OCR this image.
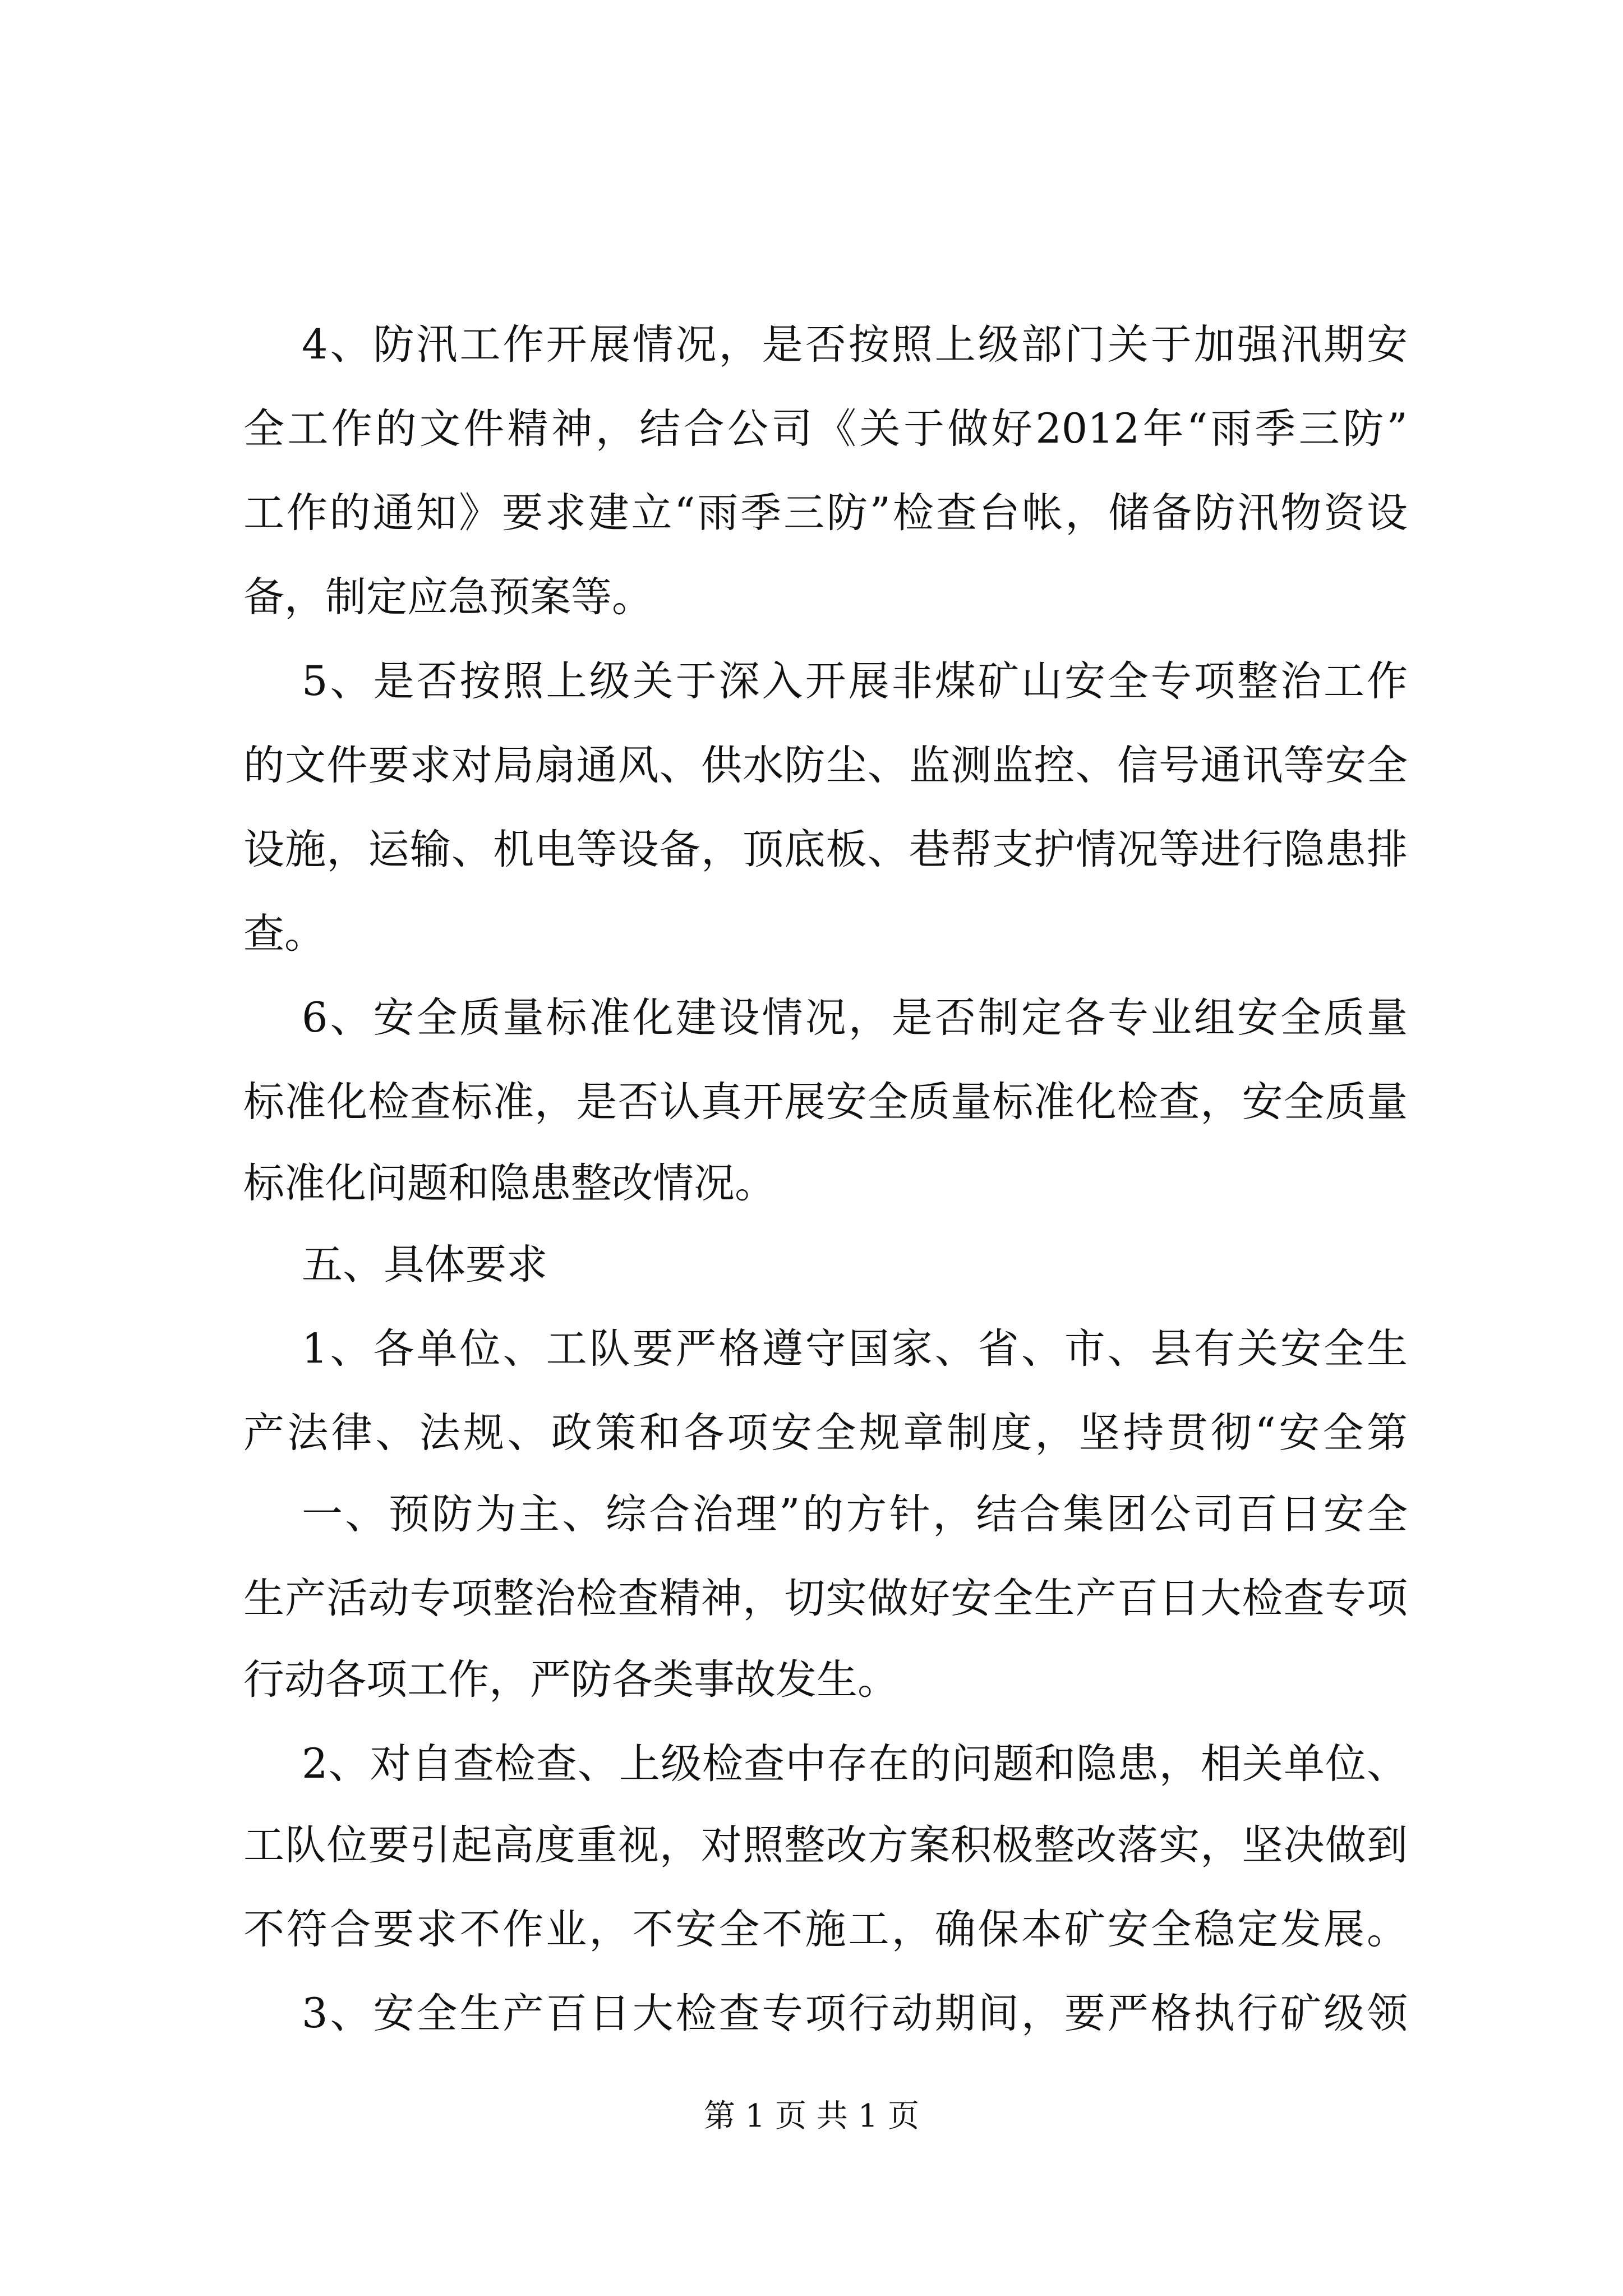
4、防汛工作开展情况，是否按照上级部门关于加强汛期安
全工作的文件精神，结合公司《关于做好2012年“雨季三防”
工作的通知》要求建立“雨季三防”检查台帐，储备防汛物资设
备，制定应急预案等。
5、是否按照上级关于深入开展非煤矿山安全专项整治工作
的文件要求对局扇通风、供水防尘、监测监控、信号通讯等安全
设施，运输、机电等设备，顶底板、巷帮支护情况等进行隐患排
查。
6、安全质量标准化建设情况，是否制定各专业组安全质量
标准化检查标准，是否认真开展安全质量标准化检查，安全质量
标准化问题和隐患整改情况。
五、具体要求
1、各单位、工队要严格遵守国家、省、市、县有关安全生
产法律、法规、政策和各项安全规章制度，坚持贯彻“安全第
一、预防为主、综合治理”的方针，结合集团公司百日安全
生产活动专项整治检查精神，切实做好安全生产百日大检查专项
行动各项工作，严防各类事故发生。
2、对自查检查、上级检查中存在的问题和隐患，相关单位、
工队位要引起高度重视，对照整改方案积极整改落实，坚决做到
不符合要求不作业，不安全不施工，确保本矿安全稳定发展。
3、安全生产百日大检查专项行动期间，要严格执行矿级领
第 1 页 共 1 页
